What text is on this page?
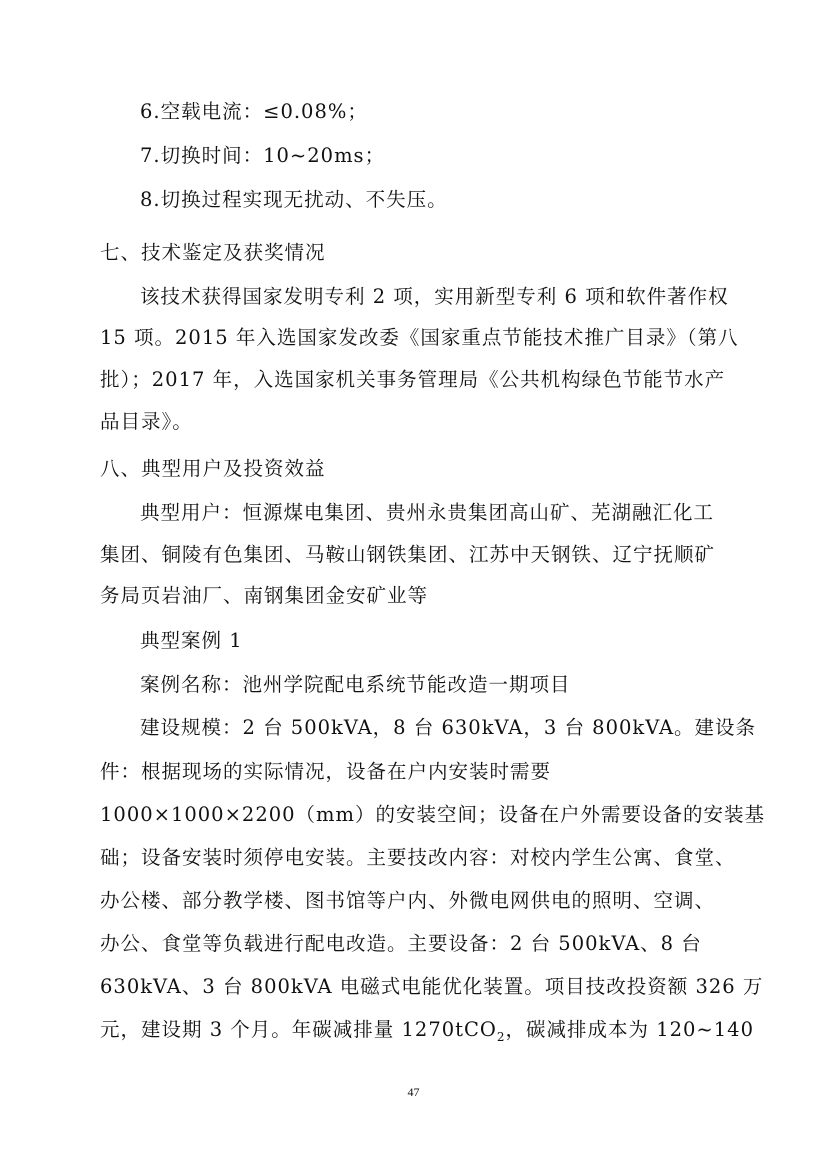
6.空载电流：≤0.08%；
7.切换时间：10~20ms；
8.切换过程实现无扰动、不失压。
七、技术鉴定及获奖情况
该技术获得国家发明专利 2 项，实用新型专利 6 项和软件著作权
15 项。2015 年入选国家发改委《国家重点节能技术推广目录》（第八
批）；2017 年，入选国家机关事务管理局《公共机构绿色节能节水产
品目录》。
八、典型用户及投资效益
典型用户：恒源煤电集团、贵州永贵集团高山矿、芜湖融汇化工
集团、铜陵有色集团、马鞍山钢铁集团、江苏中天钢铁、辽宁抚顺矿
务局页岩油厂、南钢集团金安矿业等
典型案例 1
案例名称：池州学院配电系统节能改造一期项目
建设规模：2 台 500kVA，8 台 630kVA，3 台 800kVA。建设条
件：根据现场的实际情况，设备在户内安装时需要
1000×1000×2200（mm）的安装空间；设备在户外需要设备的安装基
础；设备安装时须停电安装。主要技改内容：对校内学生公寓、食堂、
办公楼、部分教学楼、图书馆等户内、外微电网供电的照明、空调、
办公、食堂等负载进行配电改造。主要设备：2 台 500kVA、8 台
630kVA、3 台 800kVA 电磁式电能优化装置。项目技改投资额 326 万
元，建设期 3 个月。年碳减排量 1270tCO$_2$，碳减排成本为 120~140
47
